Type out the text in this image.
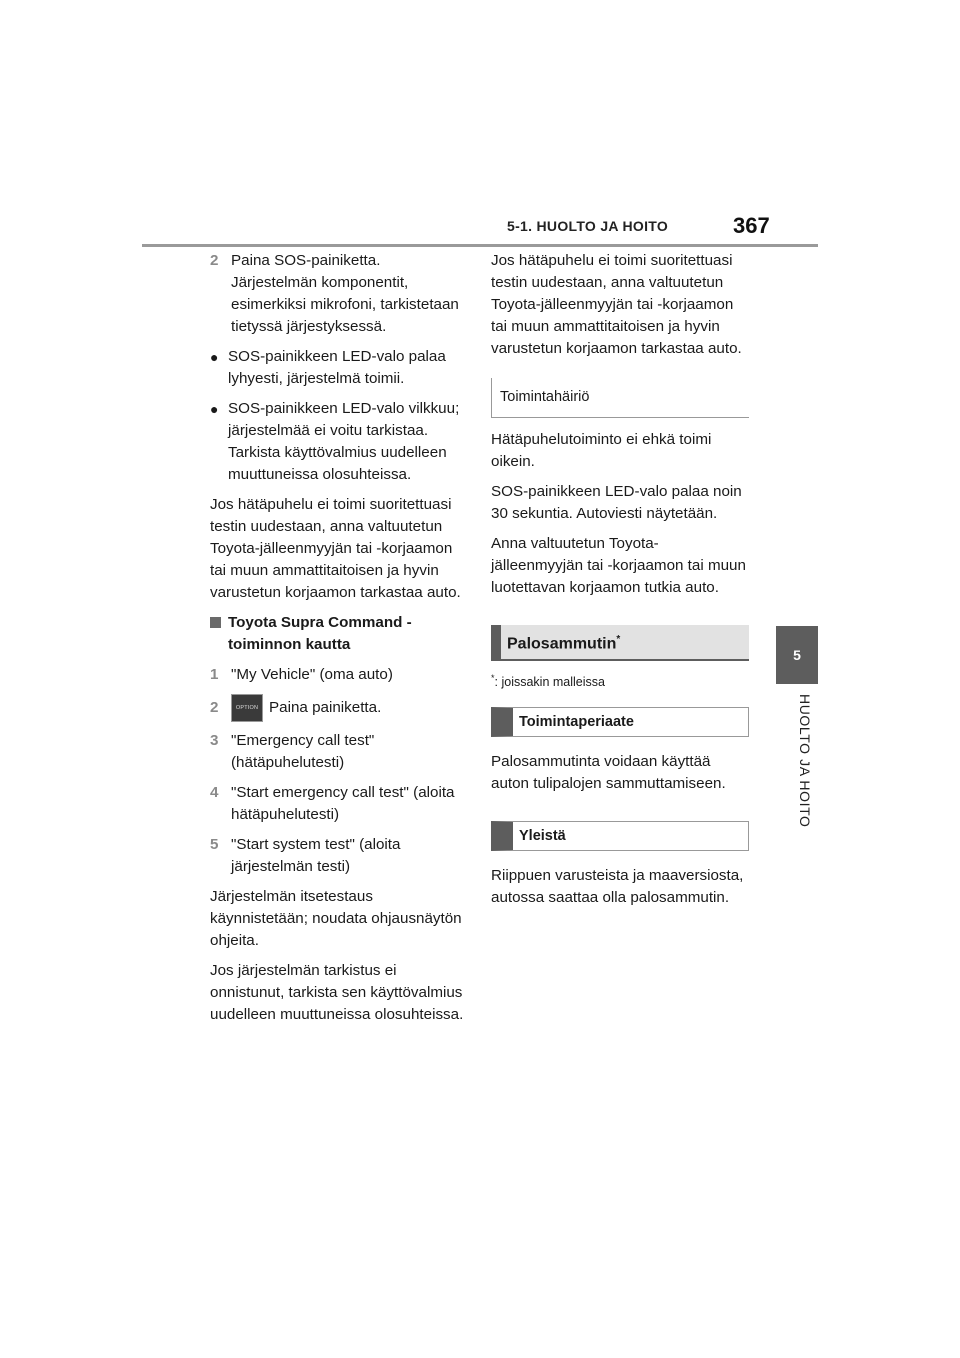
5-1. HUOLTO JA HOITO	367
5
HUOLTO JA HOITO
2 Paina SOS-painiketta. Järjestelmän komponentit, esimerkiksi mikrofoni, tarkistetaan tietyssä järjestyksessä.
● SOS-painikkeen LED-valo palaa lyhyesti, järjestelmä toimii.
● SOS-painikkeen LED-valo vilkkuu; järjestelmää ei voitu tarkistaa. Tarkista käyttövalmius uudelleen muuttuneissa olosuhteissa.

Jos hätäpuhelu ei toimi suoritettuasi testin uudestaan, anna valtuutetun Toyota-jälleenmyyjän tai -korjaamon tai muun ammattitaitoisen ja hyvin varustetun korjaamon tarkastaa auto.

Toyota Supra Command -toiminnon kautta
1 "My Vehicle" (oma auto)
2	OPTION Paina painiketta.
3 "Emergency call test" (hätäpuhelutesti)
4 "Start emergency call test" (aloita hätäpuhelutesti)
5 "Start system test" (aloita järjestelmän testi)

Järjestelmän itsetestaus käynnistetään; noudata ohjausnäytön ohjeita.

Jos järjestelmän tarkistus ei onnistunut, tarkista sen käyttövalmius uudelleen muuttuneissa olosuhteissa.

Jos hätäpuhelu ei toimi suoritettuasi testin uudestaan, anna valtuutetun Toyota-jälleenmyyjän tai -korjaamon tai muun ammattitaitoisen ja hyvin varustetun korjaamon tarkastaa auto.

Toimintahäiriö

Hätäpuhelutoiminto ei ehkä toimi oikein.

SOS-painikkeen LED-valo palaa noin 30 sekuntia. Autoviesti näytetään.

Anna valtuutetun Toyota-jälleenmyyjän tai -korjaamon tai muun luotettavan korjaamon tutkia auto.

Palosammutin*

*: joissakin malleissa

Toimintaperiaate

Palosammutinta voidaan käyttää auton tulipalojen sammuttamiseen.

Yleistä

Riippuen varusteista ja maaversiosta, autossa saattaa olla palosammutin.
